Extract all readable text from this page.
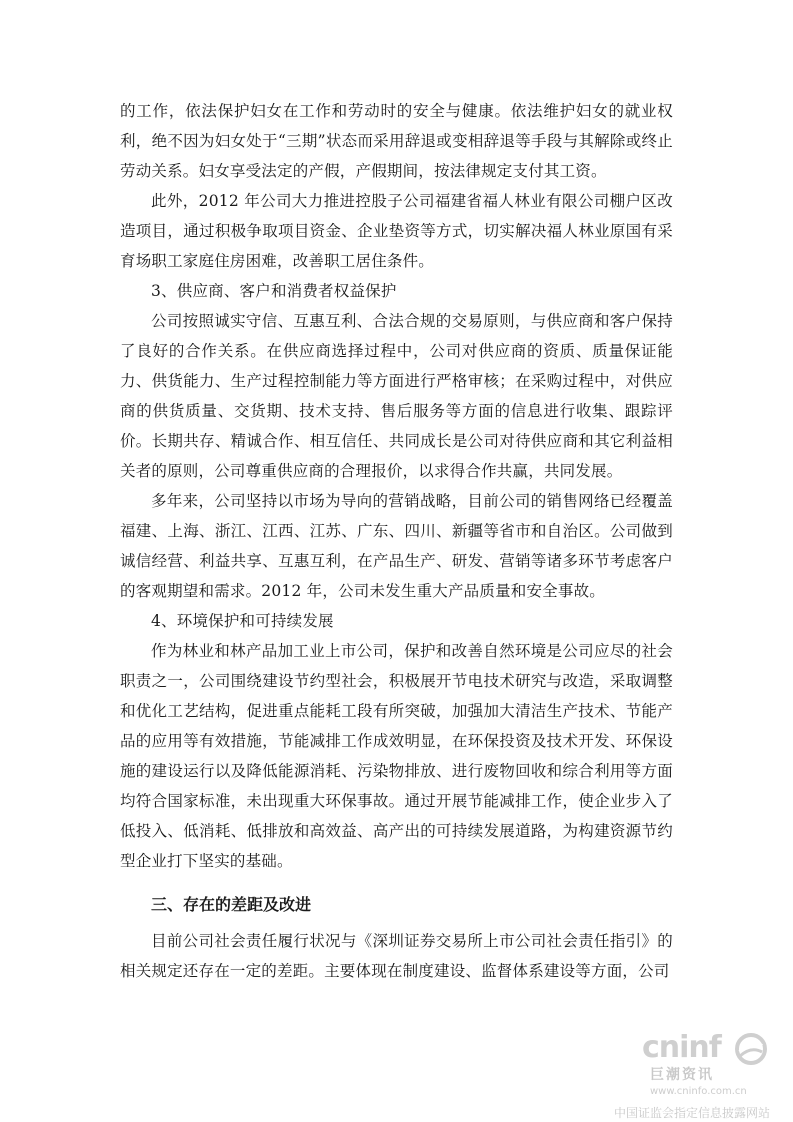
的工作，依法保护妇女在工作和劳动时的安全与健康。依法维护妇女的就业权利，绝不因为妇女处于“三期”状态而采用辞退或变相辞退等手段与其解除或终止劳动关系。妇女享受法定的产假，产假期间，按法律规定支付其工资。

此外，2012 年公司大力推进控股子公司福建省福人林业有限公司棚户区改造项目，通过积极争取项目资金、企业垫资等方式，切实解决福人林业原国有采育场职工家庭住房困难，改善职工居住条件。

3、供应商、客户和消费者权益保护

公司按照诚实守信、互惠互利、合法合规的交易原则，与供应商和客户保持了良好的合作关系。在供应商选择过程中，公司对供应商的资质、质量保证能力、供货能力、生产过程控制能力等方面进行严格审核；在采购过程中，对供应商的供货质量、交货期、技术支持、售后服务等方面的信息进行收集、跟踪评价。长期共存、精诚合作、相互信任、共同成长是公司对待供应商和其它利益相关者的原则，公司尊重供应商的合理报价，以求得合作共赢，共同发展。

多年来，公司坚持以市场为导向的营销战略，目前公司的销售网络已经覆盖福建、上海、浙江、江西、江苏、广东、四川、新疆等省市和自治区。公司做到诚信经营、利益共享、互惠互利，在产品生产、研发、营销等诸多环节考虑客户的客观期望和需求。2012 年，公司未发生重大产品质量和安全事故。

4、环境保护和可持续发展

作为林业和林产品加工业上市公司，保护和改善自然环境是公司应尽的社会职责之一，公司围绕建设节约型社会，积极展开节电技术研究与改造，采取调整和优化工艺结构，促进重点能耗工段有所突破，加强加大清洁生产技术、节能产品的应用等有效措施，节能减排工作成效明显，在环保投资及技术开发、环保设施的建设运行以及降低能源消耗、污染物排放、进行废物回收和综合利用等方面均符合国家标准，未出现重大环保事故。通过开展节能减排工作，使企业步入了低投入、低消耗、低排放和高效益、高产出的可持续发展道路，为构建资源节约型企业打下坚实的基础。

三、存在的差距及改进

目前公司社会责任履行状况与《深圳证券交易所上市公司社会责任指引》的相关规定还存在一定的差距。主要体现在制度建设、监督体系建设等方面，公司

cninf
巨潮资讯
www.cninfo.com.cn
中国证监会指定信息披露网站
